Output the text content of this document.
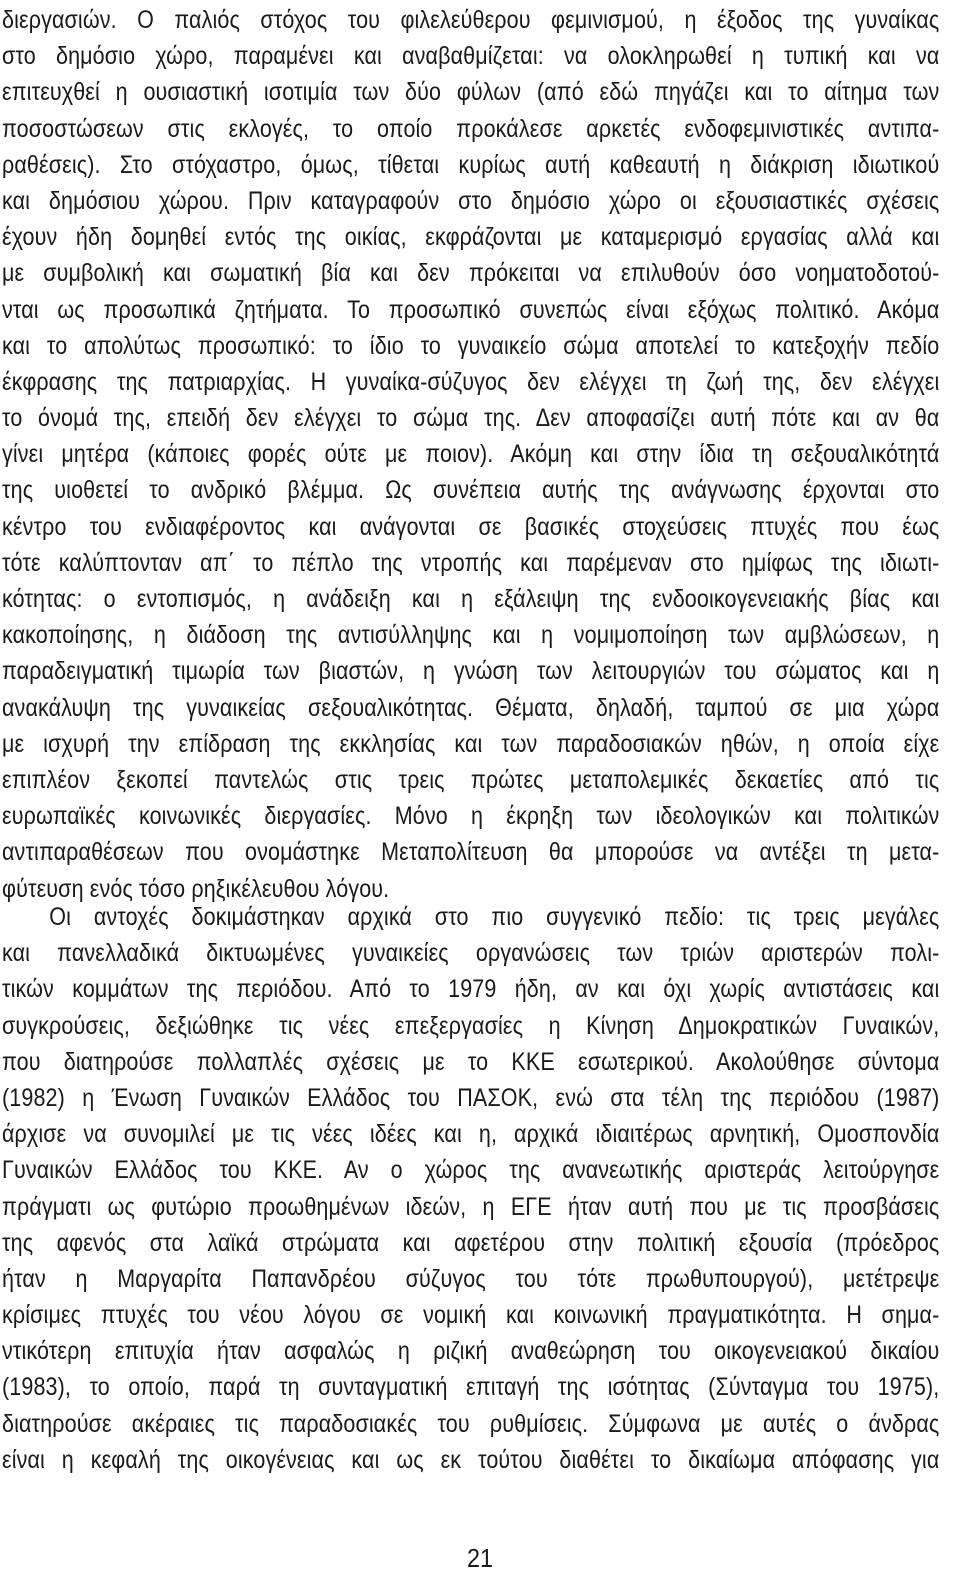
διεργασιών. Ο παλιός στόχος του φιλελεύθερου φεμινισμού, η έξοδος της γυναίκας
στο δημόσιο χώρο, παραμένει και αναβαθμίζεται: να ολοκληρωθεί η τυπική και να
επιτευχθεί η ουσιαστική ισοτιμία των δύο φύλων (από εδώ πηγάζει και το αίτημα των
ποσοστώσεων στις εκλογές, το οποίο προκάλεσε αρκετές ενδοφεμινιστικές αντιπα-
ραθέσεις). Στο στόχαστρο, όμως, τίθεται κυρίως αυτή καθεαυτή η διάκριση ιδιωτικού
και δημόσιου χώρου. Πριν καταγραφούν στο δημόσιο χώρο οι εξουσιαστικές σχέσεις
έχουν ήδη δομηθεί εντός της οικίας, εκφράζονται με καταμερισμό εργασίας αλλά και
με συμβολική και σωματική βία και δεν πρόκειται να επιλυθούν όσο νοηματοδοτού-
νται ως προσωπικά ζητήματα. Το προσωπικό συνεπώς είναι εξόχως πολιτικό. Ακόμα
και το απολύτως προσωπικό: το ίδιο το γυναικείο σώμα αποτελεί το κατεξοχήν πεδίο
έκφρασης της πατριαρχίας. Η γυναίκα-σύζυγος δεν ελέγχει τη ζωή της, δεν ελέγχει
το όνομά της, επειδή δεν ελέγχει το σώμα της. Δεν αποφασίζει αυτή πότε και αν θα
γίνει μητέρα (κάποιες φορές ούτε με ποιον). Ακόμη και στην ίδια τη σεξουαλικότητά
της υιοθετεί το ανδρικό βλέμμα. Ως συνέπεια αυτής της ανάγνωσης έρχονται στο
κέντρο του ενδιαφέροντος και ανάγονται σε βασικές στοχεύσεις πτυχές που έως
τότε καλύπτονταν απ΄ το πέπλο της ντροπής και παρέμεναν στο ημίφως της ιδιωτι-
κότητας: ο εντοπισμός, η ανάδειξη και η εξάλειψη της ενδοοικογενειακής βίας και
κακοποίησης, η διάδοση της αντισύλληψης και η νομιμοποίηση των αμβλώσεων, η
παραδειγματική τιμωρία των βιαστών, η γνώση των λειτουργιών του σώματος και η
ανακάλυψη της γυναικείας σεξουαλικότητας. Θέματα, δηλαδή, ταμπού σε μια χώρα
με ισχυρή την επίδραση της εκκλησίας και των παραδοσιακών ηθών, η οποία είχε
επιπλέον ξεκοπεί παντελώς στις τρεις πρώτες μεταπολεμικές δεκαετίες από τις
ευρωπαϊκές κοινωνικές διεργασίες. Μόνο η έκρηξη των ιδεολογικών και πολιτικών
αντιπαραθέσεων που ονομάστηκε Μεταπολίτευση θα μπορούσε να αντέξει τη μετα-
φύτευση ενός τόσο ρηξικέλευθου λόγου.
Οι αντοχές δοκιμάστηκαν αρχικά στο πιο συγγενικό πεδίο: τις τρεις μεγάλες
και πανελλαδικά δικτυωμένες γυναικείες οργανώσεις των τριών αριστερών πολι-
τικών κομμάτων της περιόδου. Από το 1979 ήδη, αν και όχι χωρίς αντιστάσεις και
συγκρούσεις, δεξιώθηκε τις νέες επεξεργασίες η Κίνηση Δημοκρατικών Γυναικών,
που διατηρούσε πολλαπλές σχέσεις με το ΚΚΕ εσωτερικού. Ακολούθησε σύντομα
(1982) η Ένωση Γυναικών Ελλάδος του ΠΑΣΟΚ, ενώ στα τέλη της περιόδου (1987)
άρχισε να συνομιλεί με τις νέες ιδέες και η, αρχικά ιδιαιτέρως αρνητική, Ομοσπονδία
Γυναικών Ελλάδος του ΚΚΕ. Αν ο χώρος της ανανεωτικής αριστεράς λειτούργησε
πράγματι ως φυτώριο προωθημένων ιδεών, η ΕΓΕ ήταν αυτή που με τις προσβάσεις
της αφενός στα λαϊκά στρώματα και αφετέρου στην πολιτική εξουσία (πρόεδρος
ήταν η Μαργαρίτα Παπανδρέου σύζυγος του τότε πρωθυπουργού), μετέτρεψε
κρίσιμες πτυχές του νέου λόγου σε νομική και κοινωνική πραγματικότητα. Η σημα-
ντικότερη επιτυχία ήταν ασφαλώς η ριζική αναθεώρηση του οικογενειακού δικαίου
(1983), το οποίο, παρά τη συνταγματική επιταγή της ισότητας (Σύνταγμα του 1975),
διατηρούσε ακέραιες τις παραδοσιακές του ρυθμίσεις. Σύμφωνα με αυτές ο άνδρας
είναι η κεφαλή της οικογένειας και ως εκ τούτου διαθέτει το δικαίωμα απόφασης για
21
